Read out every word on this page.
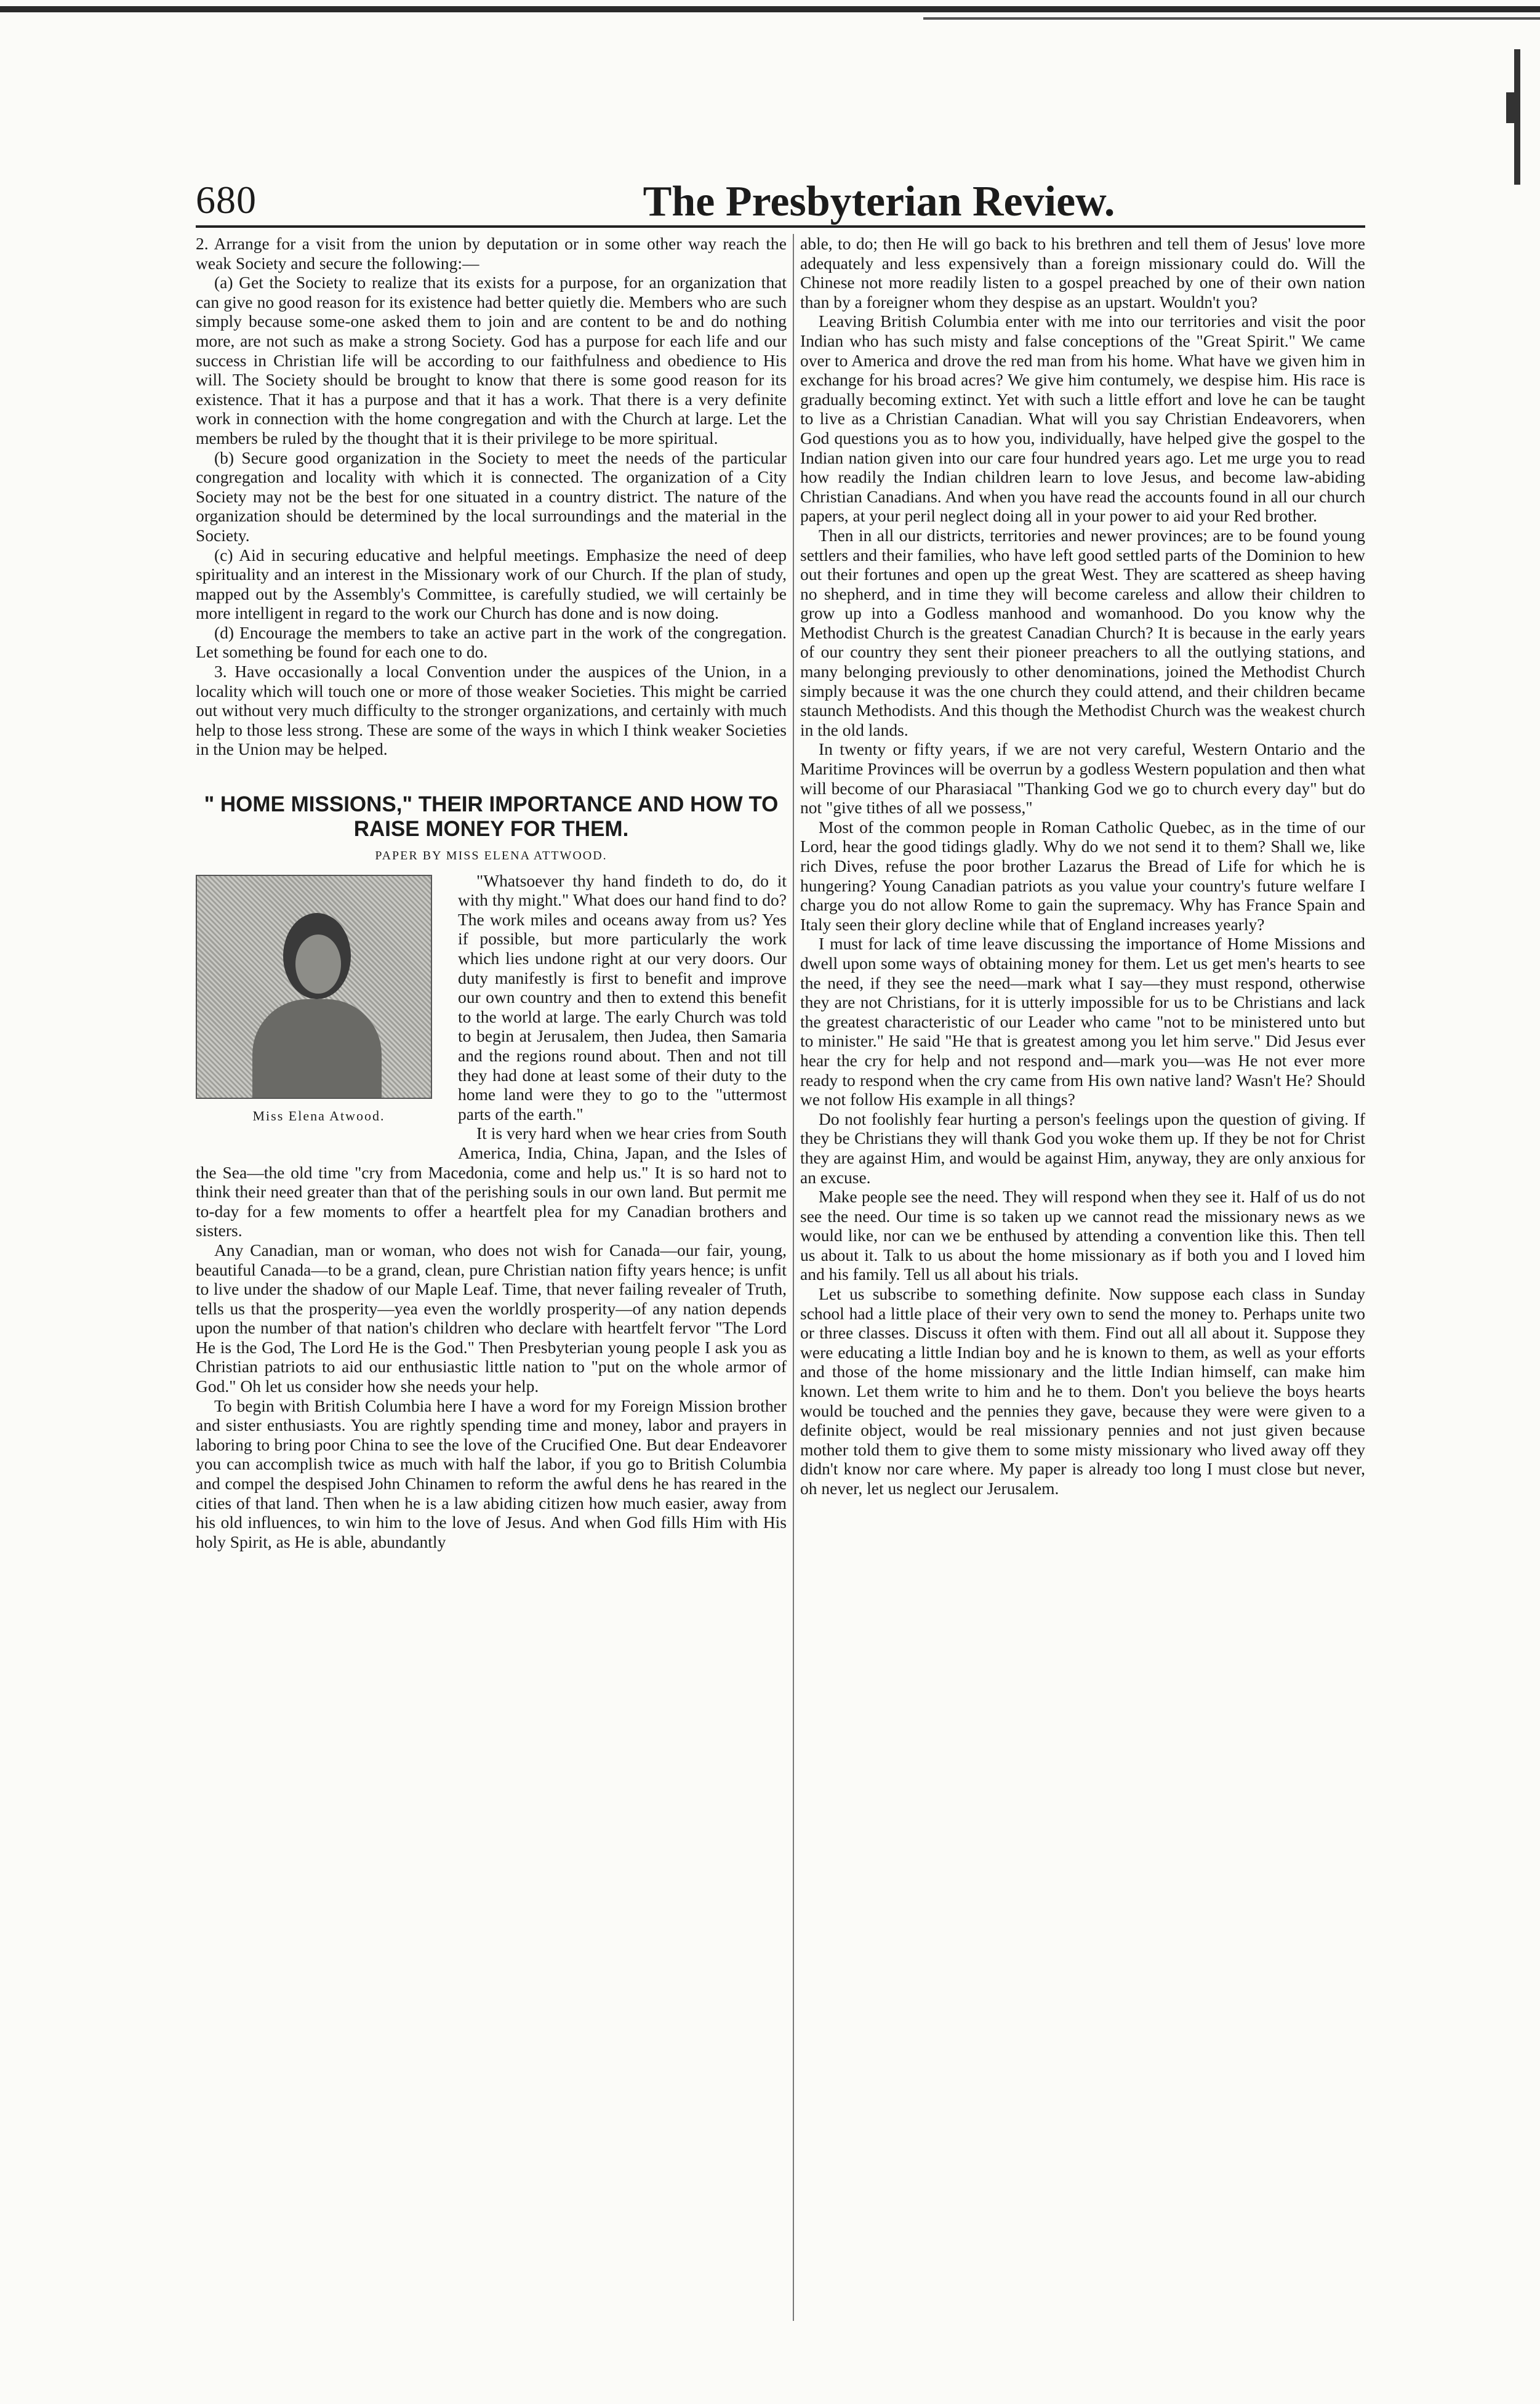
680	The Presbyterian Review.

2. Arrange for a visit from the union by deputation or in some other way reach the weak Society and secure the following:—

(a) Get the Society to realize that its exists for a purpose, for an organization that can give no good reason for its existence had better quietly die. Members who are such simply because some-one asked them to join and are content to be and do nothing more, are not such as make a strong Society. God has a purpose for each life and our success in Christian life will be according to our faithfulness and obedience to His will. The Society should be brought to know that there is some good reason for its existence. That it has a purpose and that it has a work. That there is a very definite work in connection with the home congregation and with the Church at large. Let the members be ruled by the thought that it is their privilege to be more spiritual.

(b) Secure good organization in the Society to meet the needs of the particular congregation and locality with which it is connected. The organization of a City Society may not be the best for one situated in a country district. The nature of the organization should be determined by the local surroundings and the material in the Society.

(c) Aid in securing educative and helpful meetings. Emphasize the need of deep spirituality and an interest in the Missionary work of our Church. If the plan of study, mapped out by the Assembly's Committee, is carefully studied, we will certainly be more intelligent in regard to the work our Church has done and is now doing.

(d) Encourage the members to take an active part in the work of the congregation. Let something be found for each one to do.

3. Have occasionally a local Convention under the auspices of the Union, in a locality which will touch one or more of those weaker Societies. This might be carried out without very much difficulty to the stronger organizations, and certainly with much help to those less strong. These are some of the ways in which I think weaker Societies in the Union may be helped.

" HOME MISSIONS," THEIR IMPORTANCE AND HOW TO RAISE MONEY FOR THEM.
PAPER BY MISS ELENA ATTWOOD.
Miss Elena Atwood.

"Whatsoever thy hand findeth to do, do it with thy might." What does our hand find to do? The work miles and oceans away from us? Yes if possible, but more particularly the work which lies undone right at our very doors. Our duty manifestly is first to benefit and improve our own country and then to extend this benefit to the world at large. The early Church was told to begin at Jerusalem, then Judea, then Samaria and the regions round about. Then and not till they had done at least some of their duty to the home land were they to go to the "uttermost parts of the earth."

It is very hard when we hear cries from South America, India, China, Japan, and the Isles of the Sea—the old time "cry from Macedonia, come and help us." It is so hard not to think their need greater than that of the perishing souls in our own land. But permit me to-day for a few moments to offer a heartfelt plea for my Canadian brothers and sisters.

Any Canadian, man or woman, who does not wish for Canada—our fair, young, beautiful Canada—to be a grand, clean, pure Christian nation fifty years hence; is unfit to live under the shadow of our Maple Leaf. Time, that never failing revealer of Truth, tells us that the prosperity—yea even the worldly prosperity—of any nation depends upon the number of that nation's children who declare with heartfelt fervor "The Lord He is the God, The Lord He is the God." Then Presbyterian young people I ask you as Christian patriots to aid our enthusiastic little nation to "put on the whole armor of God." Oh let us consider how she needs your help.

To begin with British Columbia here I have a word for my Foreign Mission brother and sister enthusiasts. You are rightly spending time and money, labor and prayers in laboring to bring poor China to see the love of the Crucified One. But dear Endeavorer you can accomplish twice as much with half the labor, if you go to British Columbia and compel the despised John Chinamen to reform the awful dens he has reared in the cities of that land. Then when he is a law abiding citizen how much easier, away from his old influences, to win him to the love of Jesus. And when God fills Him with His holy Spirit, as He is able, abundantly

able, to do; then He will go back to his brethren and tell them of Jesus' love more adequately and less expensively than a foreign missionary could do. Will the Chinese not more readily listen to a gospel preached by one of their own nation than by a foreigner whom they despise as an upstart. Wouldn't you?

Leaving British Columbia enter with me into our territories and visit the poor Indian who has such misty and false conceptions of the "Great Spirit." We came over to America and drove the red man from his home. What have we given him in exchange for his broad acres? We give him contumely, we despise him. His race is gradually becoming extinct. Yet with such a little effort and love he can be taught to live as a Christian Canadian. What will you say Christian Endeavorers, when God questions you as to how you, individually, have helped give the gospel to the Indian nation given into our care four hundred years ago. Let me urge you to read how readily the Indian children learn to love Jesus, and become law-abiding Christian Canadians. And when you have read the accounts found in all our church papers, at your peril neglect doing all in your power to aid your Red brother.

Then in all our districts, territories and newer provinces; are to be found young settlers and their families, who have left good settled parts of the Dominion to hew out their fortunes and open up the great West. They are scattered as sheep having no shepherd, and in time they will become careless and allow their children to grow up into a Godless manhood and womanhood. Do you know why the Methodist Church is the greatest Canadian Church? It is because in the early years of our country they sent their pioneer preachers to all the outlying stations, and many belonging previously to other denominations, joined the Methodist Church simply because it was the one church they could attend, and their children became staunch Methodists. And this though the Methodist Church was the weakest church in the old lands.

In twenty or fifty years, if we are not very careful, Western Ontario and the Maritime Provinces will be overrun by a godless Western population and then what will become of our Pharasiacal "Thanking God we go to church every day" but do not "give tithes of all we possess,"

Most of the common people in Roman Catholic Quebec, as in the time of our Lord, hear the good tidings gladly. Why do we not send it to them? Shall we, like rich Dives, refuse the poor brother Lazarus the Bread of Life for which he is hungering? Young Canadian patriots as you value your country's future welfare I charge you do not allow Rome to gain the supremacy. Why has France Spain and Italy seen their glory decline while that of England increases yearly?

I must for lack of time leave discussing the importance of Home Missions and dwell upon some ways of obtaining money for them. Let us get men's hearts to see the need, if they see the need—mark what I say—they must respond, otherwise they are not Christians, for it is utterly impossible for us to be Christians and lack the greatest characteristic of our Leader who came "not to be ministered unto but to minister." He said "He that is greatest among you let him serve." Did Jesus ever hear the cry for help and not respond and—mark you—was He not ever more ready to respond when the cry came from His own native land? Wasn't He? Should we not follow His example in all things?

Do not foolishly fear hurting a person's feelings upon the question of giving. If they be Christians they will thank God you woke them up. If they be not for Christ they are against Him, and would be against Him, anyway, they are only anxious for an excuse.

Make people see the need. They will respond when they see it. Half of us do not see the need. Our time is so taken up we cannot read the missionary news as we would like, nor can we be enthused by attending a convention like this. Then tell us about it. Talk to us about the home missionary as if both you and I loved him and his family. Tell us all about his trials.

Let us subscribe to something definite. Now suppose each class in Sunday school had a little place of their very own to send the money to. Perhaps unite two or three classes. Discuss it often with them. Find out all all about it. Suppose they were educating a little Indian boy and he is known to them, as well as your efforts and those of the home missionary and the little Indian himself, can make him known. Let them write to him and he to them. Don't you believe the boys hearts would be touched and the pennies they gave, because they were were given to a definite object, would be real missionary pennies and not just given because mother told them to give them to some misty missionary who lived away off they didn't know nor care where. My paper is already too long I must close but never, oh never, let us neglect our Jerusalem.
